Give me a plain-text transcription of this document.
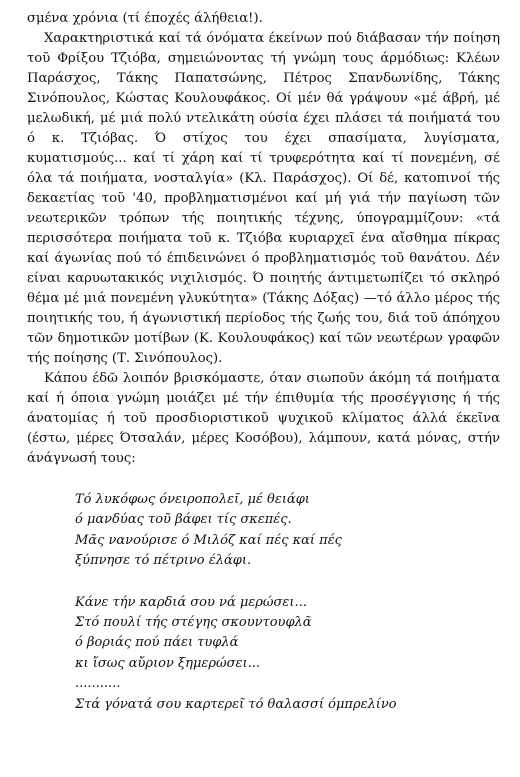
σμένα χρόνια (τί έποχές άλήθεια!).

Χαρακτηριστικά καί τά όνόματα έκείνων πού διάβασαν τήν ποίηση τοῦ Φρίξου Τζιόβα, σημειώνοντας τή γνώμη τους άρμόδιως: Κλέων Παράσχος, Τάκης Παπατσώνης, Πέτρος Σπανδωνίδης, Τάκης Σινόπουλος, Κώστας Κουλουφάκος. Οί μέν θά γράψουν «μέ άβρή, μέ μελωδική, μέ μιά πολύ ντελικάτη ούσία έχει πλάσει τά ποιήματά του ό κ. Τζιόβας. Ό στίχος του έχει σπασίματα, λυγίσματα, κυματισμούς... καί τί χάρη καί τί τρυφερότητα καί τί πονεμένη, σέ όλα τά ποιήματα, νοσταλγία» (Κλ. Παράσχος). Οί δέ, κατοπινοί τής δεκαετίας τοῦ '40, προβληματισμένοι καί μή γιά τήν παγίωση τῶν νεωτερικῶν τρόπων τής ποιητικής τέχνης, ύπογραμμίζουν: «τά περισσότερα ποιήματα τοῦ κ. Τζιόβα κυριαρχεῖ ένα αἴσθημα πίκρας καί άγωνίας πού τό έπιδεινώνει ό προβληματισμός τοῦ θανάτου. Δέν είναι καρυωτακικός νιχιλισμός. Ό ποιητής άντιμετωπίζει τό σκληρό θέμα μέ μιά πονεμένη γλυκύτητα» (Τάκης Δόξας) —τό άλλο μέρος τής ποιητικής του, ή άγωνιστική περίοδος τής ζωής του, διά τοῦ άπόηχου τῶν δημοτικῶν μοτίβων (Κ. Κουλουφάκος) καί τῶν νεωτέρων γραφῶν τής ποίησης (Τ. Σινόπουλος).

Κάπου έδῶ λοιπόν βρισκόμαστε, όταν σιωποῦν άκόμη τά ποιήματα καί ή όποια γνώμη μοιάζει μέ τήν έπιθυμία τής προσέγγισης ή τής άνατομίας ή τοῦ προσδιοριστικοῦ ψυχικοῦ κλίματος άλλά έκεῖνα (έστω, μέρες Ότσαλάν, μέρες Κοσόβου), λάμπουν, κατά μόνας, στήν άνάγνωσή τους:

Τό λυκόφως όνειροπολεῖ, μέ θειάφι
ό μανδύας τοῦ βάφει τίς σκεπές.
Μᾶς νανούρισε ό Μιλόζ καί πές καί πές
ξύπνησε τό πέτρινο έλάφι.
Κάνε τήν καρδιά σου νά μερώσει...
Στό πουλί τής στέγης σκουντουφλᾶ
ό βοριάς πού πάει τυφλά
κι ἴσως αὔριον ξημερώσει...
...........
Στά γόνατά σου καρτερεῖ τό θαλασσί όμπρελίνο
